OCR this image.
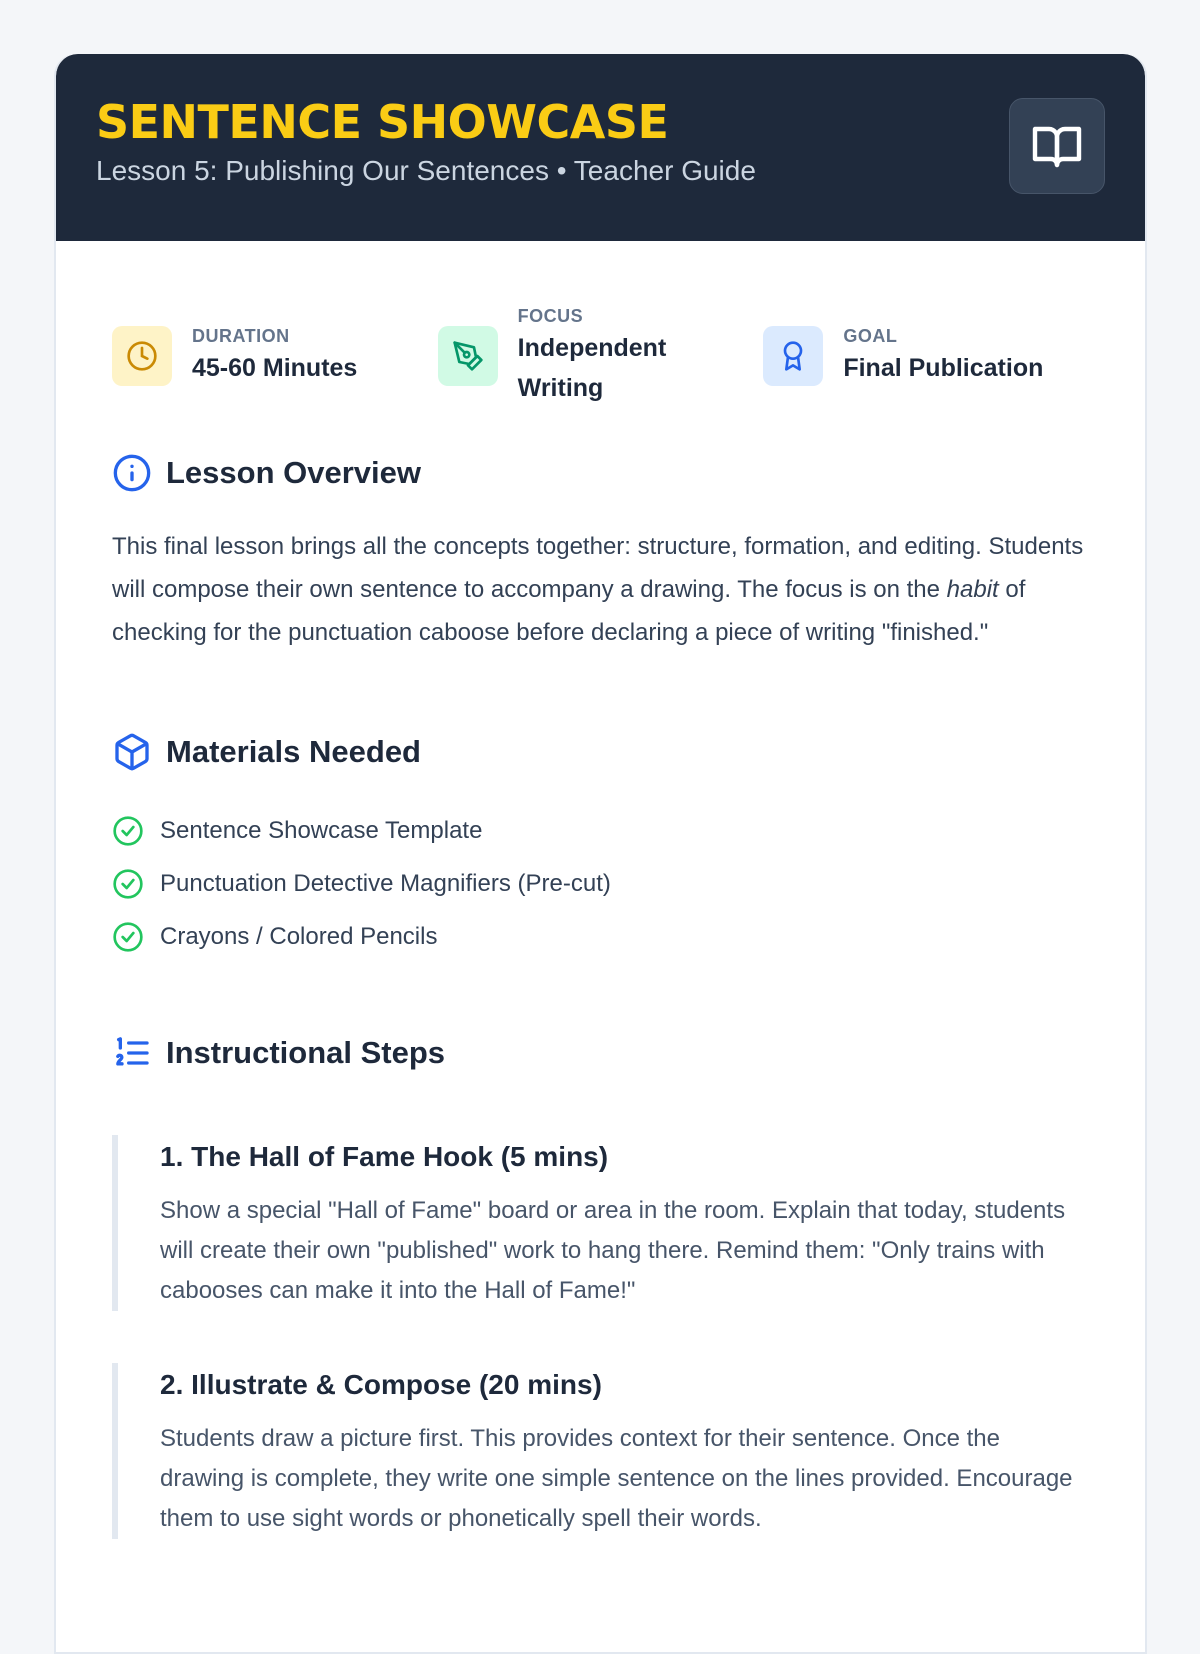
SENTENCE SHOWCASE
Lesson 5: Publishing Our Sentences • Teacher Guide
DURATION
45-60 Minutes
FOCUS
Independent Writing
GOAL
Final Publication
Lesson Overview

This final lesson brings all the concepts together: structure, formation, and editing. Students will compose their own sentence to accompany a drawing. The focus is on the habit of checking for the punctuation caboose before declaring a piece of writing "finished."

Materials Needed
Sentence Showcase Template
Punctuation Detective Magnifiers (Pre-cut)
Crayons / Colored Pencils
Instructional Steps
1. The Hall of Fame Hook (5 mins)

Show a special "Hall of Fame" board or area in the room. Explain that today, students will create their own "published" work to hang there. Remind them: "Only trains with cabooses can make it into the Hall of Fame!"

2. Illustrate & Compose (20 mins)

Students draw a picture first. This provides context for their sentence. Once the drawing is complete, they write one simple sentence on the lines provided. Encourage them to use sight words or phonetically spell their words.
